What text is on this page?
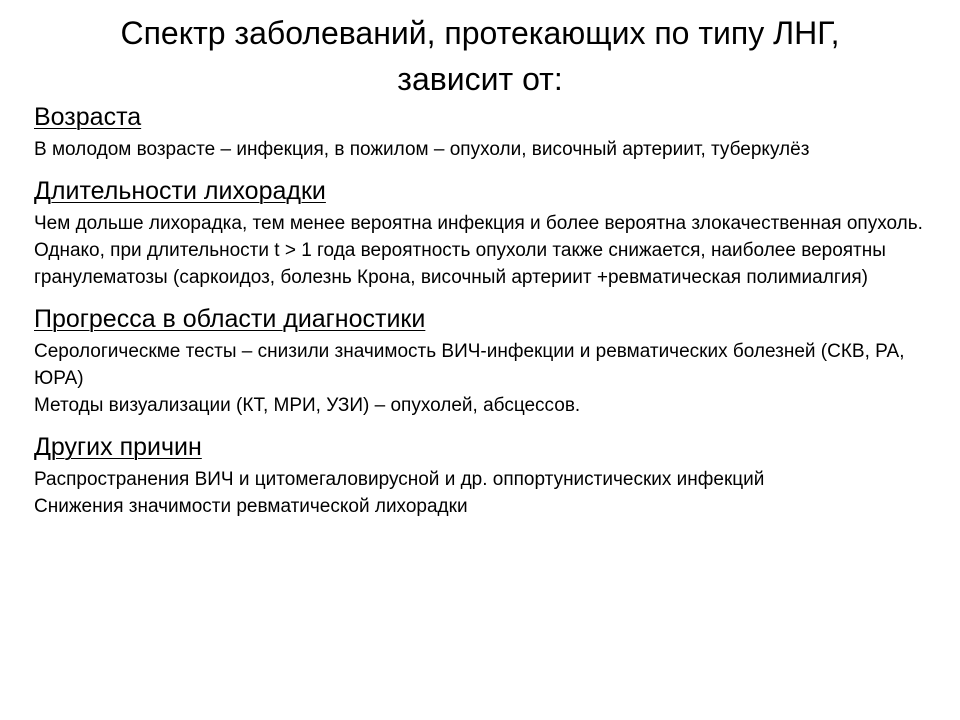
Спектр заболеваний, протекающих по типу ЛНГ,
зависит от:
Возраста
В молодом возрасте – инфекция, в пожилом – опухоли, височный артериит, туберкулёз
Длительности лихорадки
Чем дольше лихорадка, тем менее вероятна инфекция и более вероятна злокачественная опухоль.
Однако, при длительности t > 1 года вероятность опухоли также снижается, наиболее вероятны гранулематозы (саркоидоз, болезнь Крона, височный артериит +ревматическая полимиалгия)
Прогресса в области диагностики
Серологическме тесты – снизили значимость ВИЧ-инфекции и ревматических болезней (СКВ, РА, ЮРА)
Методы визуализации (КТ, МРИ, УЗИ) – опухолей, абсцессов.
Других причин
Распространения ВИЧ и цитомегаловирусной и др. оппортунистических инфекций
Снижения значимости ревматической лихорадки
